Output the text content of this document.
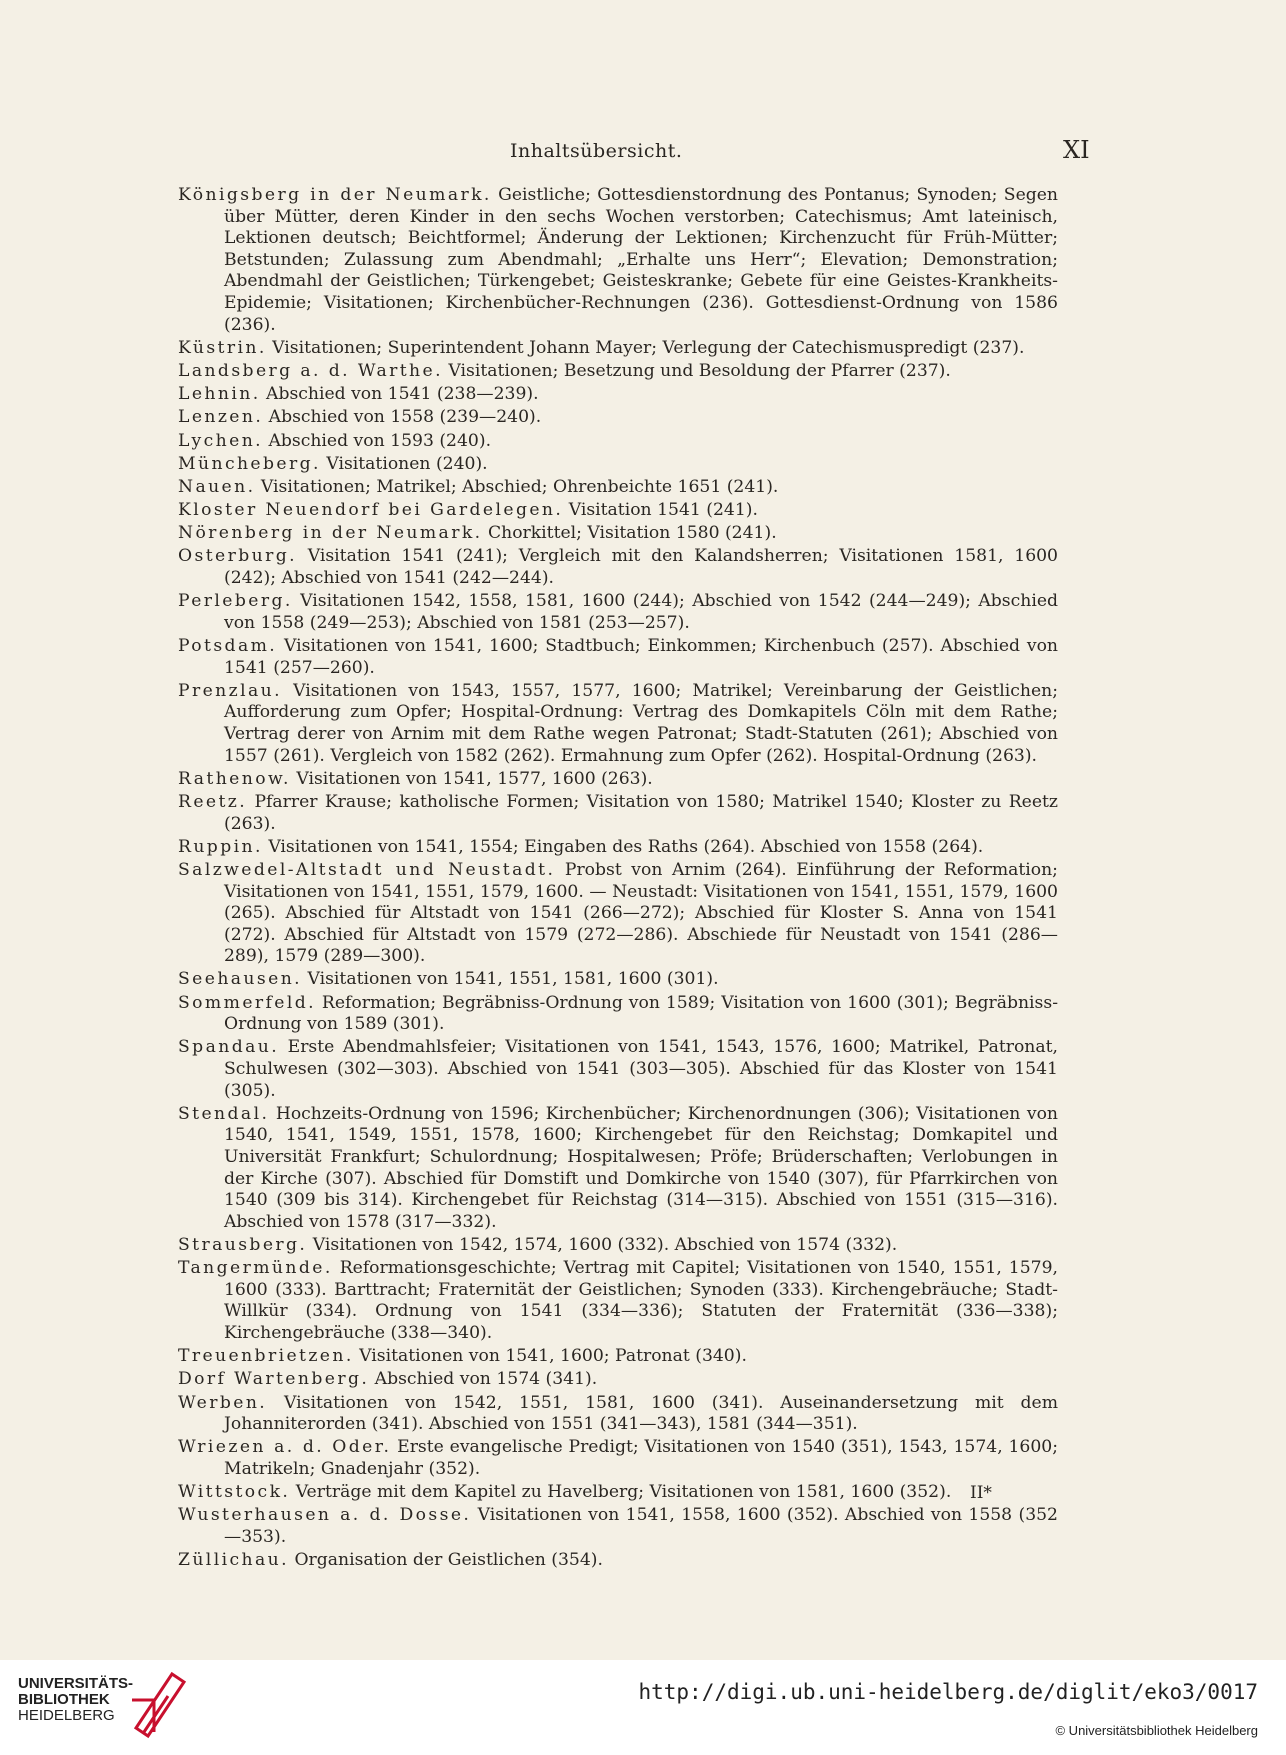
Inhaltsübersicht.	XI

Königsberg in der Neumark. Geistliche; Gottesdienstordnung des Pontanus; Synoden; Segen über Mütter, deren Kinder in den sechs Wochen verstorben; Catechismus; Amt lateinisch, Lektionen deutsch; Beichtformel; Änderung der Lektionen; Kirchenzucht für Früh-Mütter; Betstunden; Zulassung zum Abendmahl; „Erhalte uns Herr“; Elevation; Demonstration; Abendmahl der Geistlichen; Türkengebet; Geisteskranke; Gebete für eine Geistes-Krankheits-Epidemie; Visitationen; Kirchenbücher-Rechnungen (236). Gottesdienst-Ordnung von 1586 (236).

Küstrin. Visitationen; Superintendent Johann Mayer; Verlegung der Catechismuspredigt (237).

Landsberg a. d. Warthe. Visitationen; Besetzung und Besoldung der Pfarrer (237).

Lehnin. Abschied von 1541 (238—239).

Lenzen. Abschied von 1558 (239—240).

Lychen. Abschied von 1593 (240).

Müncheberg. Visitationen (240).

Nauen. Visitationen; Matrikel; Abschied; Ohrenbeichte 1651 (241).

Kloster Neuendorf bei Gardelegen. Visitation 1541 (241).

Nörenberg in der Neumark. Chorkittel; Visitation 1580 (241).

Osterburg. Visitation 1541 (241); Vergleich mit den Kalandsherren; Visitationen 1581, 1600 (242); Abschied von 1541 (242—244).

Perleberg. Visitationen 1542, 1558, 1581, 1600 (244); Abschied von 1542 (244—249); Abschied von 1558 (249—253); Abschied von 1581 (253—257).

Potsdam. Visitationen von 1541, 1600; Stadtbuch; Einkommen; Kirchenbuch (257). Abschied von 1541 (257—260).

Prenzlau. Visitationen von 1543, 1557, 1577, 1600; Matrikel; Vereinbarung der Geistlichen; Aufforderung zum Opfer; Hospital-Ordnung: Vertrag des Domkapitels Cöln mit dem Rathe; Vertrag derer von Arnim mit dem Rathe wegen Patronat; Stadt-Statuten (261); Abschied von 1557 (261). Vergleich von 1582 (262). Ermahnung zum Opfer (262). Hospital-Ordnung (263).

Rathenow. Visitationen von 1541, 1577, 1600 (263).

Reetz. Pfarrer Krause; katholische Formen; Visitation von 1580; Matrikel 1540; Kloster zu Reetz (263).

Ruppin. Visitationen von 1541, 1554; Eingaben des Raths (264). Abschied von 1558 (264).

Salzwedel-Altstadt und Neustadt. Probst von Arnim (264). Einführung der Reformation; Visitationen von 1541, 1551, 1579, 1600. — Neustadt: Visitationen von 1541, 1551, 1579, 1600 (265). Abschied für Altstadt von 1541 (266—272); Abschied für Kloster S. Anna von 1541 (272). Abschied für Altstadt von 1579 (272—286). Abschiede für Neustadt von 1541 (286—289), 1579 (289—300).

Seehausen. Visitationen von 1541, 1551, 1581, 1600 (301).

Sommerfeld. Reformation; Begräbniss-Ordnung von 1589; Visitation von 1600 (301); Begräbniss-Ordnung von 1589 (301).

Spandau. Erste Abendmahlsfeier; Visitationen von 1541, 1543, 1576, 1600; Matrikel, Patronat, Schulwesen (302—303). Abschied von 1541 (303—305). Abschied für das Kloster von 1541 (305).

Stendal. Hochzeits-Ordnung von 1596; Kirchenbücher; Kirchenordnungen (306); Visitationen von 1540, 1541, 1549, 1551, 1578, 1600; Kirchengebet für den Reichstag; Domkapitel und Universität Frankfurt; Schulordnung; Hospitalwesen; Pröfe; Brüderschaften; Verlobungen in der Kirche (307). Abschied für Domstift und Domkirche von 1540 (307), für Pfarrkirchen von 1540 (309 bis 314). Kirchengebet für Reichstag (314—315). Abschied von 1551 (315—316). Abschied von 1578 (317—332).

Strausberg. Visitationen von 1542, 1574, 1600 (332). Abschied von 1574 (332).

Tangermünde. Reformationsgeschichte; Vertrag mit Capitel; Visitationen von 1540, 1551, 1579, 1600 (333). Barttracht; Fraternität der Geistlichen; Synoden (333). Kirchengebräuche; Stadt-Willkür (334). Ordnung von 1541 (334—336); Statuten der Fraternität (336—338); Kirchengebräuche (338—340).

Treuenbrietzen. Visitationen von 1541, 1600; Patronat (340).

Dorf Wartenberg. Abschied von 1574 (341).

Werben. Visitationen von 1542, 1551, 1581, 1600 (341). Auseinandersetzung mit dem Johanniterorden (341). Abschied von 1551 (341—343), 1581 (344—351).

Wriezen a. d. Oder. Erste evangelische Predigt; Visitationen von 1540 (351), 1543, 1574, 1600; Matrikeln; Gnadenjahr (352).

Wittstock. Verträge mit dem Kapitel zu Havelberg; Visitationen von 1581, 1600 (352).

Wusterhausen a. d. Dosse. Visitationen von 1541, 1558, 1600 (352). Abschied von 1558 (352—353).

Züllichau. Organisation der Geistlichen (354).

II*
UNIVERSITÄTS-
BIBLIOTHEK
HEIDELBERG
http://digi.ub.uni-heidelberg.de/diglit/eko3/0017
© Universitätsbibliothek Heidelberg
